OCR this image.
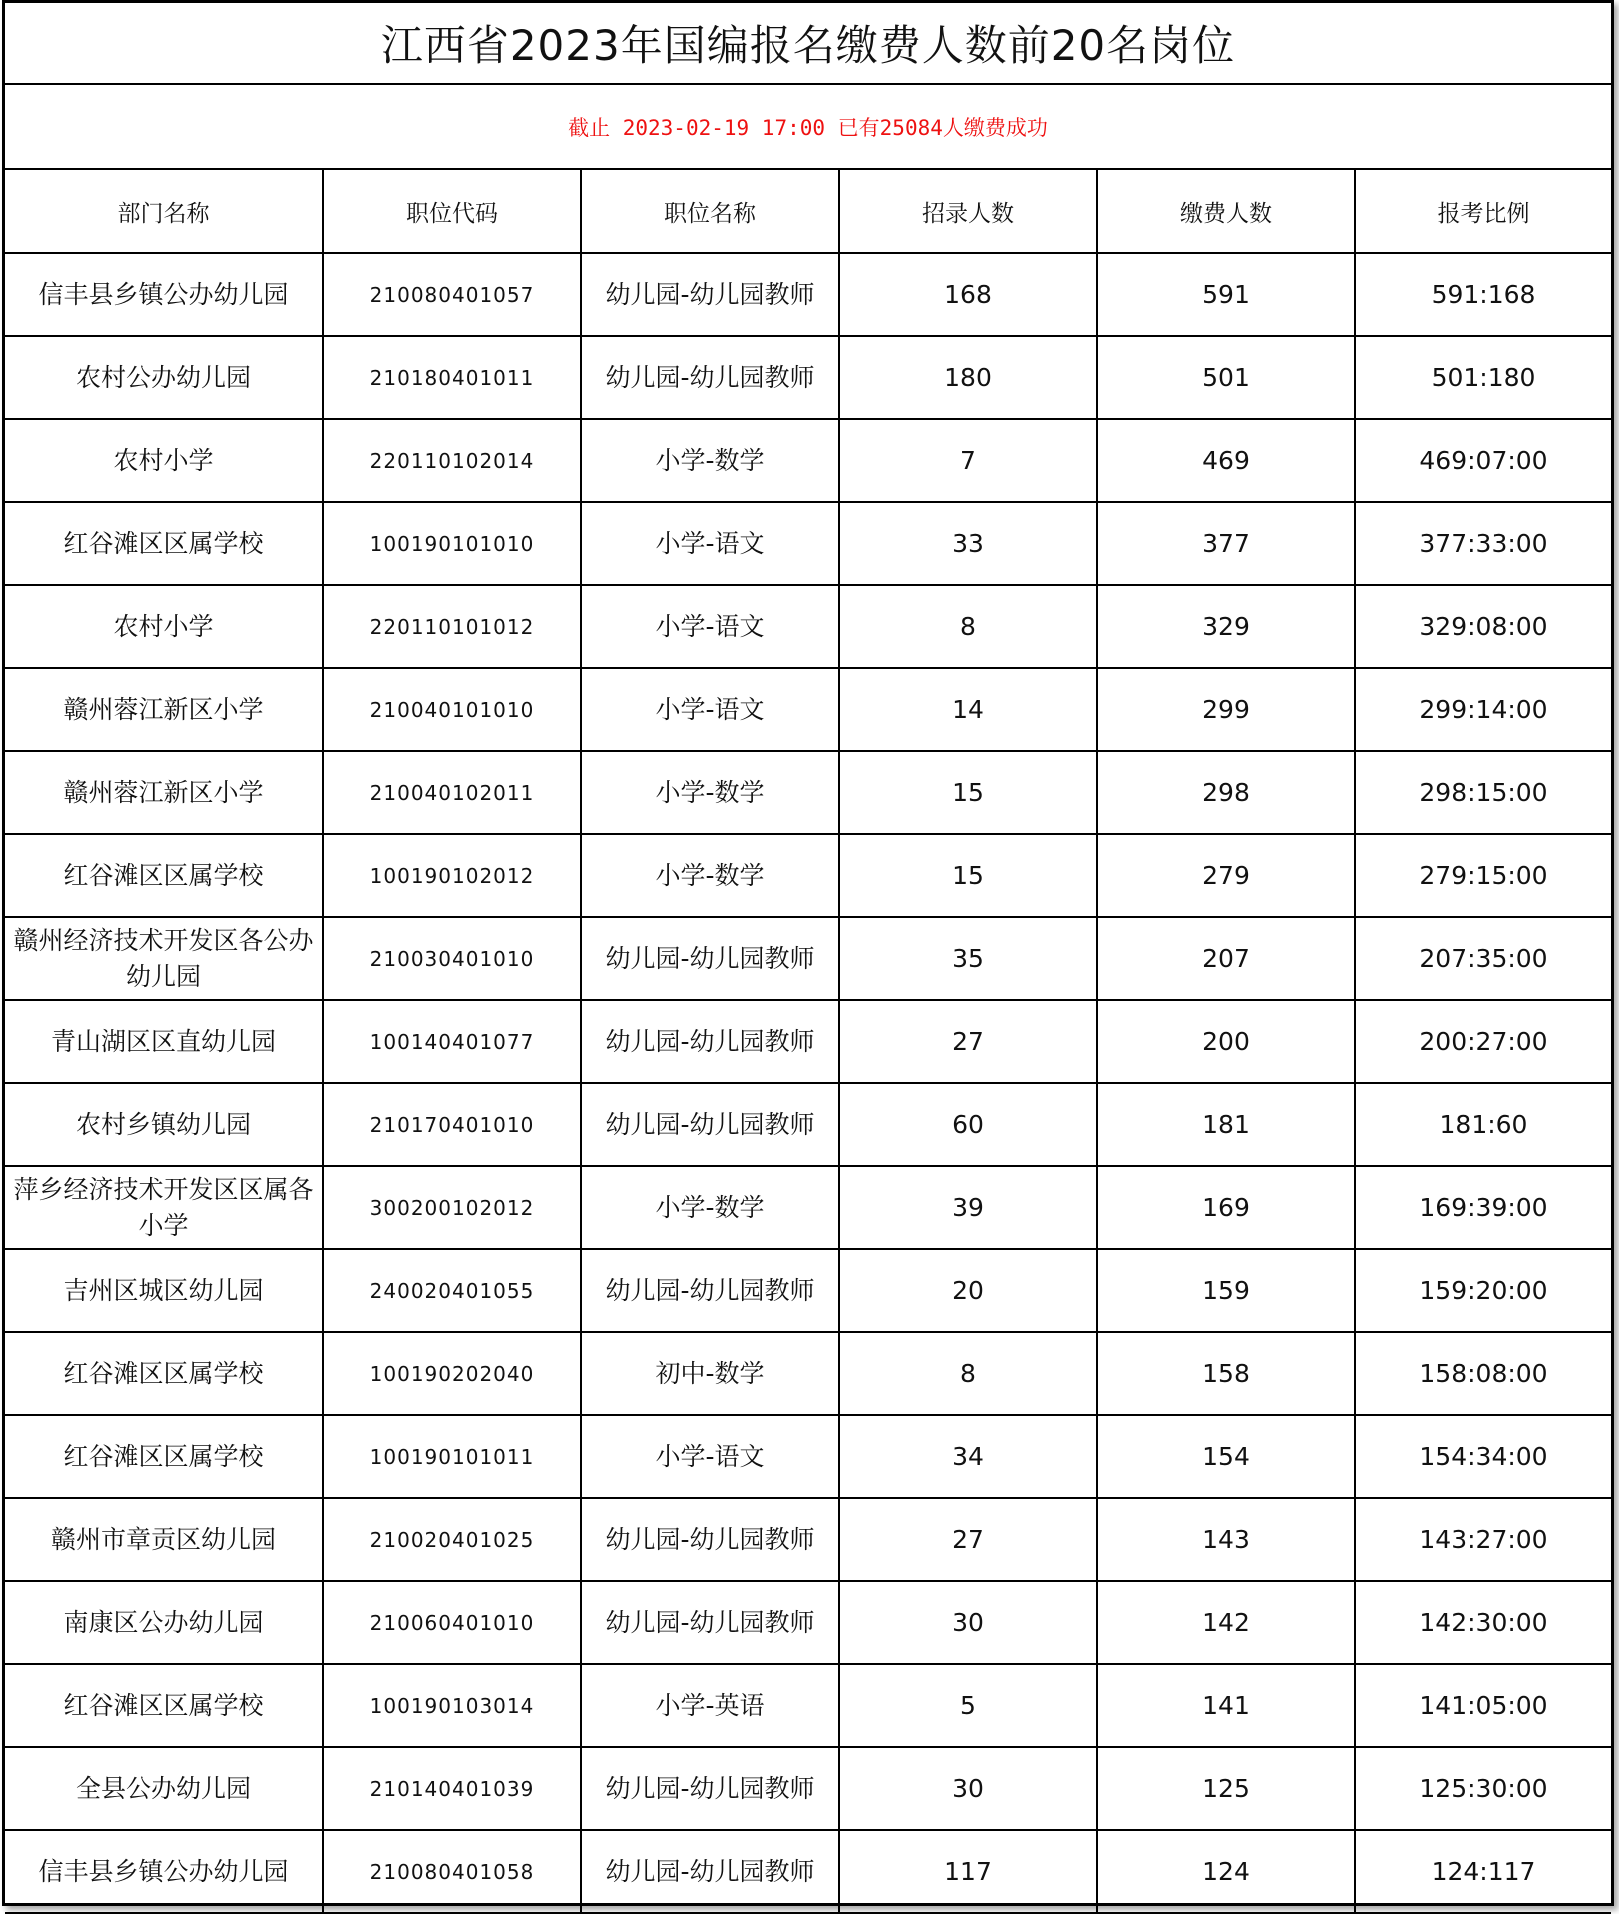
江西省2023年国编报名缴费人数前20名岗位					
截止 2023-02-19 17:00 已有25084人缴费成功					
部门名称	职位代码	职位名称	招录人数	缴费人数	报考比例
信丰县乡镇公办幼儿园	210080401057	幼儿园-幼儿园教师	168	591	591:168
农村公办幼儿园	210180401011	幼儿园-幼儿园教师	180	501	501:180
农村小学	220110102014	小学-数学	7	469	469:07:00
红谷滩区区属学校	100190101010	小学-语文	33	377	377:33:00
农村小学	220110101012	小学-语文	8	329	329:08:00
赣州蓉江新区小学	210040101010	小学-语文	14	299	299:14:00
赣州蓉江新区小学	210040102011	小学-数学	15	298	298:15:00
红谷滩区区属学校	100190102012	小学-数学	15	279	279:15:00
赣州经济技术开发区各公办幼儿园	210030401010	幼儿园-幼儿园教师	35	207	207:35:00
青山湖区区直幼儿园	100140401077	幼儿园-幼儿园教师	27	200	200:27:00
农村乡镇幼儿园	210170401010	幼儿园-幼儿园教师	60	181	181:60
萍乡经济技术开发区区属各小学	300200102012	小学-数学	39	169	169:39:00
吉州区城区幼儿园	240020401055	幼儿园-幼儿园教师	20	159	159:20:00
红谷滩区区属学校	100190202040	初中-数学	8	158	158:08:00
红谷滩区区属学校	100190101011	小学-语文	34	154	154:34:00
赣州市章贡区幼儿园	210020401025	幼儿园-幼儿园教师	27	143	143:27:00
南康区公办幼儿园	210060401010	幼儿园-幼儿园教师	30	142	142:30:00
红谷滩区区属学校	100190103014	小学-英语	5	141	141:05:00
全县公办幼儿园	210140401039	幼儿园-幼儿园教师	30	125	125:30:00
信丰县乡镇公办幼儿园	210080401058	幼儿园-幼儿园教师	117	124	124:117
